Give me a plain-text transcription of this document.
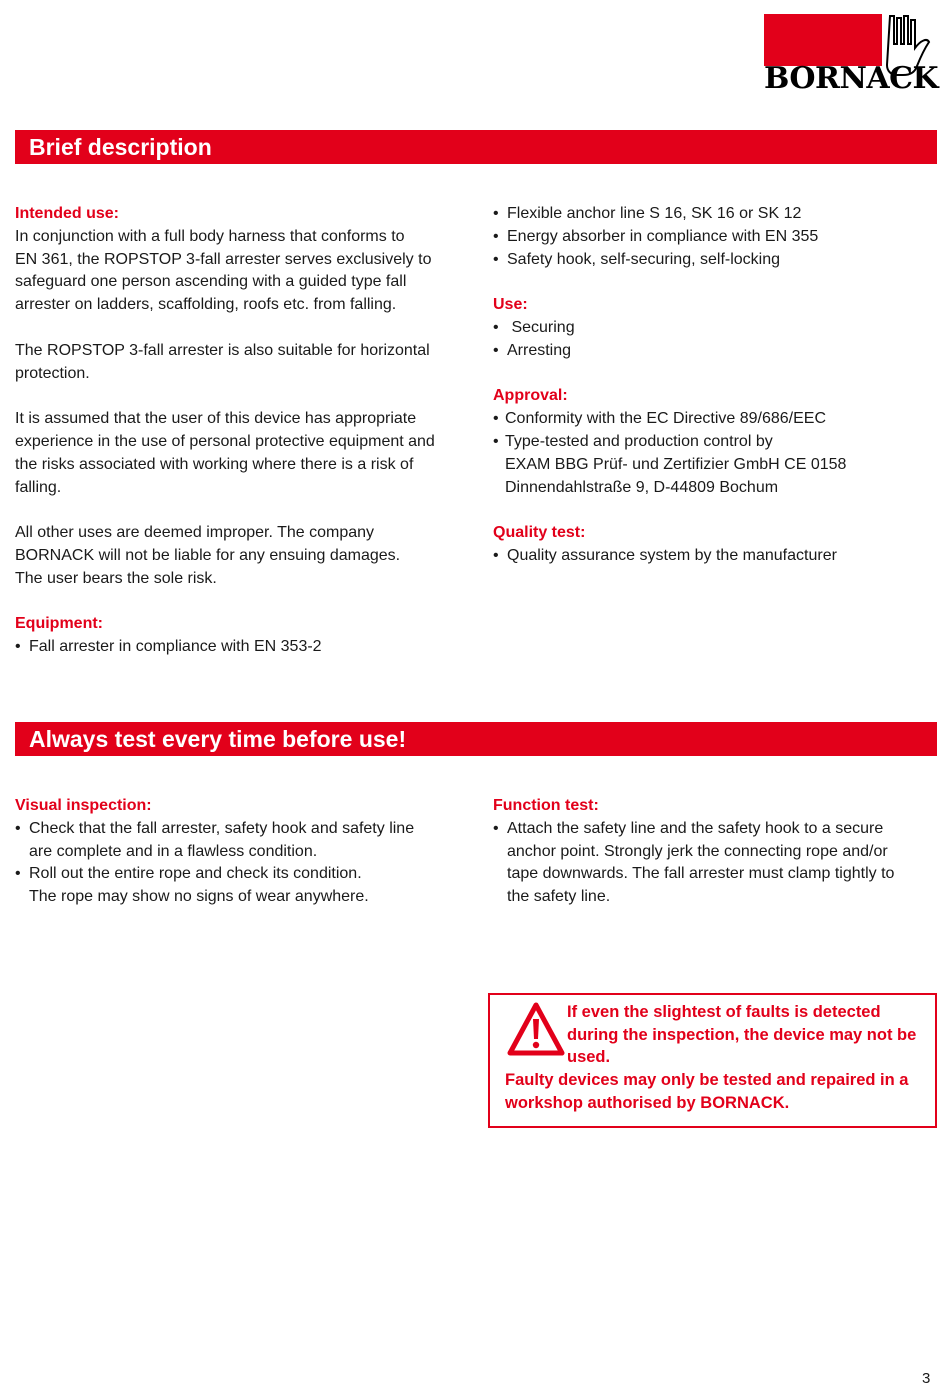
BORNACK
Brief description
Intended use:
In conjunction with a full body harness that conforms to
EN 361, the ROPSTOP 3-fall arrester serves exclusively to
safeguard one person ascending with a guided type fall
arrester on ladders, scaffolding, roofs etc. from falling.
The ROPSTOP 3-fall arrester is also suitable for horizontal
protection.
It is assumed that the user of this device has appropriate
experience in the use of personal protective equipment and
the risks associated with working where there is a risk of
falling.
All other uses are deemed improper. The company
BORNACK will not be liable for any ensuing damages.
The user bears the sole risk.
Equipment:
• Fall arrester in compliance with EN 353-2
• Flexible anchor line S 16, SK 16 or SK 12
• Energy absorber in compliance with EN 355
• Safety hook, self-securing, self-locking
Use:
• Securing
• Arresting
Approval:
• Conformity with the EC Directive 89/686/EEC
• Type-tested and production control by
EXAM BBG Prüf- und Zertifizier GmbH CE 0158
Dinnendahlstraße 9, D-44809 Bochum
Quality test:
• Quality assurance system by the manufacturer
Always test every time before use!
Visual inspection:
• Check that the fall arrester, safety hook and safety line
are complete and in a flawless condition.
• Roll out the entire rope and check its condition.
The rope may show no signs of wear anywhere.
Function test:
• Attach the safety line and the safety hook to a secure
anchor point. Strongly jerk the connecting rope and/or
tape downwards. The fall arrester must clamp tightly to
the safety line.
If even the slightest of faults is detected
during the inspection, the device may not be
used.
Faulty devices may only be tested and repaired in a
workshop authorised by BORNACK.
3
